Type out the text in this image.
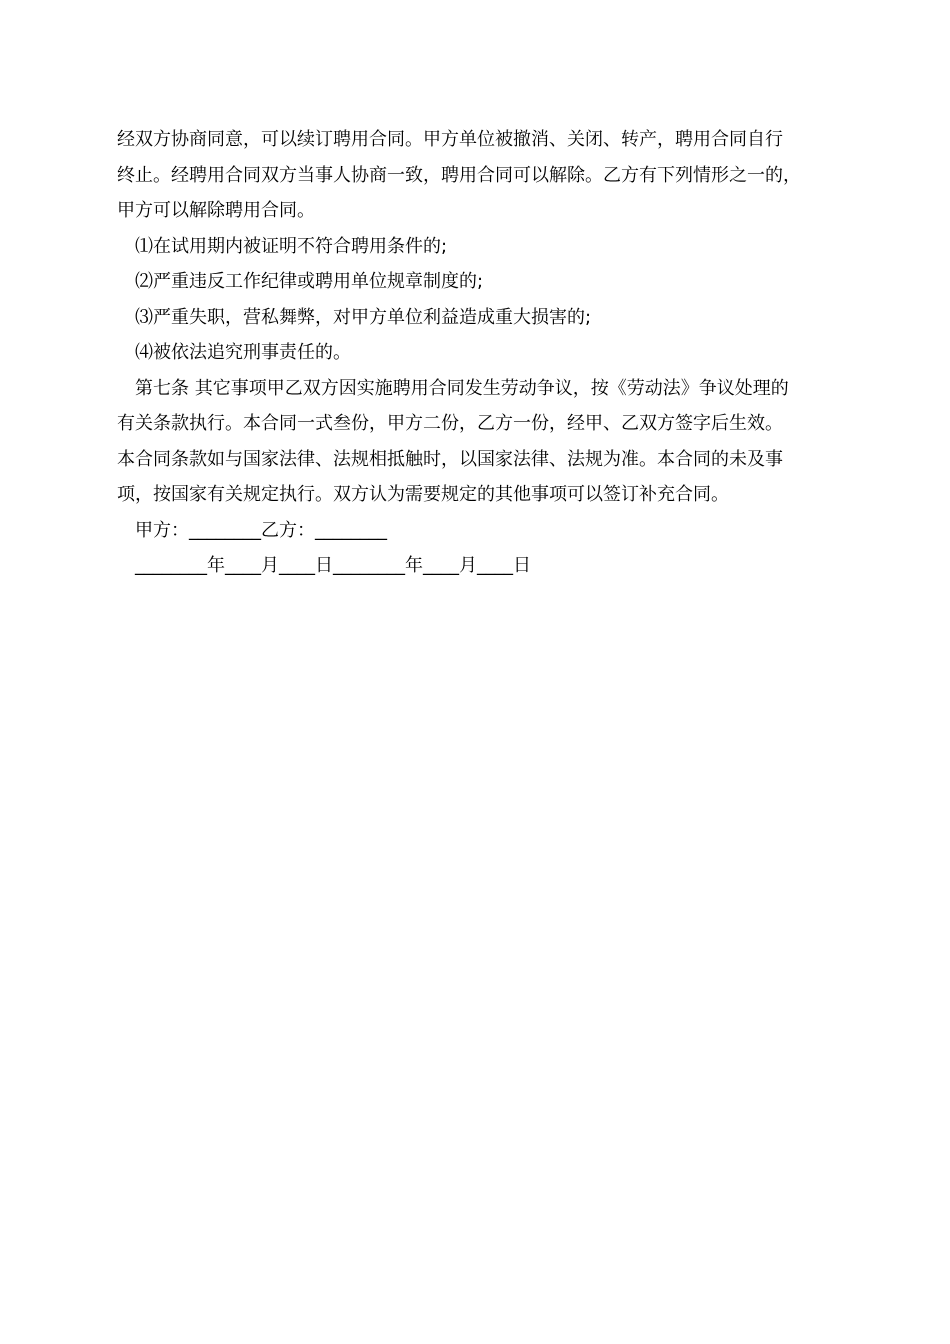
经双方协商同意，可以续订聘用合同。甲方单位被撤消、关闭、转产，聘用合同自行
终止。经聘用合同双方当事人协商一致，聘用合同可以解除。乙方有下列情形之一的，
甲方可以解除聘用合同。
⑴在试用期内被证明不符合聘用条件的;
⑵严重违反工作纪律或聘用单位规章制度的;
⑶严重失职，营私舞弊，对甲方单位利益造成重大损害的;
⑷被依法追究刑事责任的。
第七条 其它事项甲乙双方因实施聘用合同发生劳动争议，按《劳动法》争议处理的
有关条款执行。本合同一式叁份，甲方二份，乙方一份，经甲、乙双方签字后生效。
本合同条款如与国家法律、法规相抵触时，以国家法律、法规为准。本合同的未及事
项，按国家有关规定执行。双方认为需要规定的其他事项可以签订补充合同。
甲方：________乙方：________
________年____月____日________年____月____日
